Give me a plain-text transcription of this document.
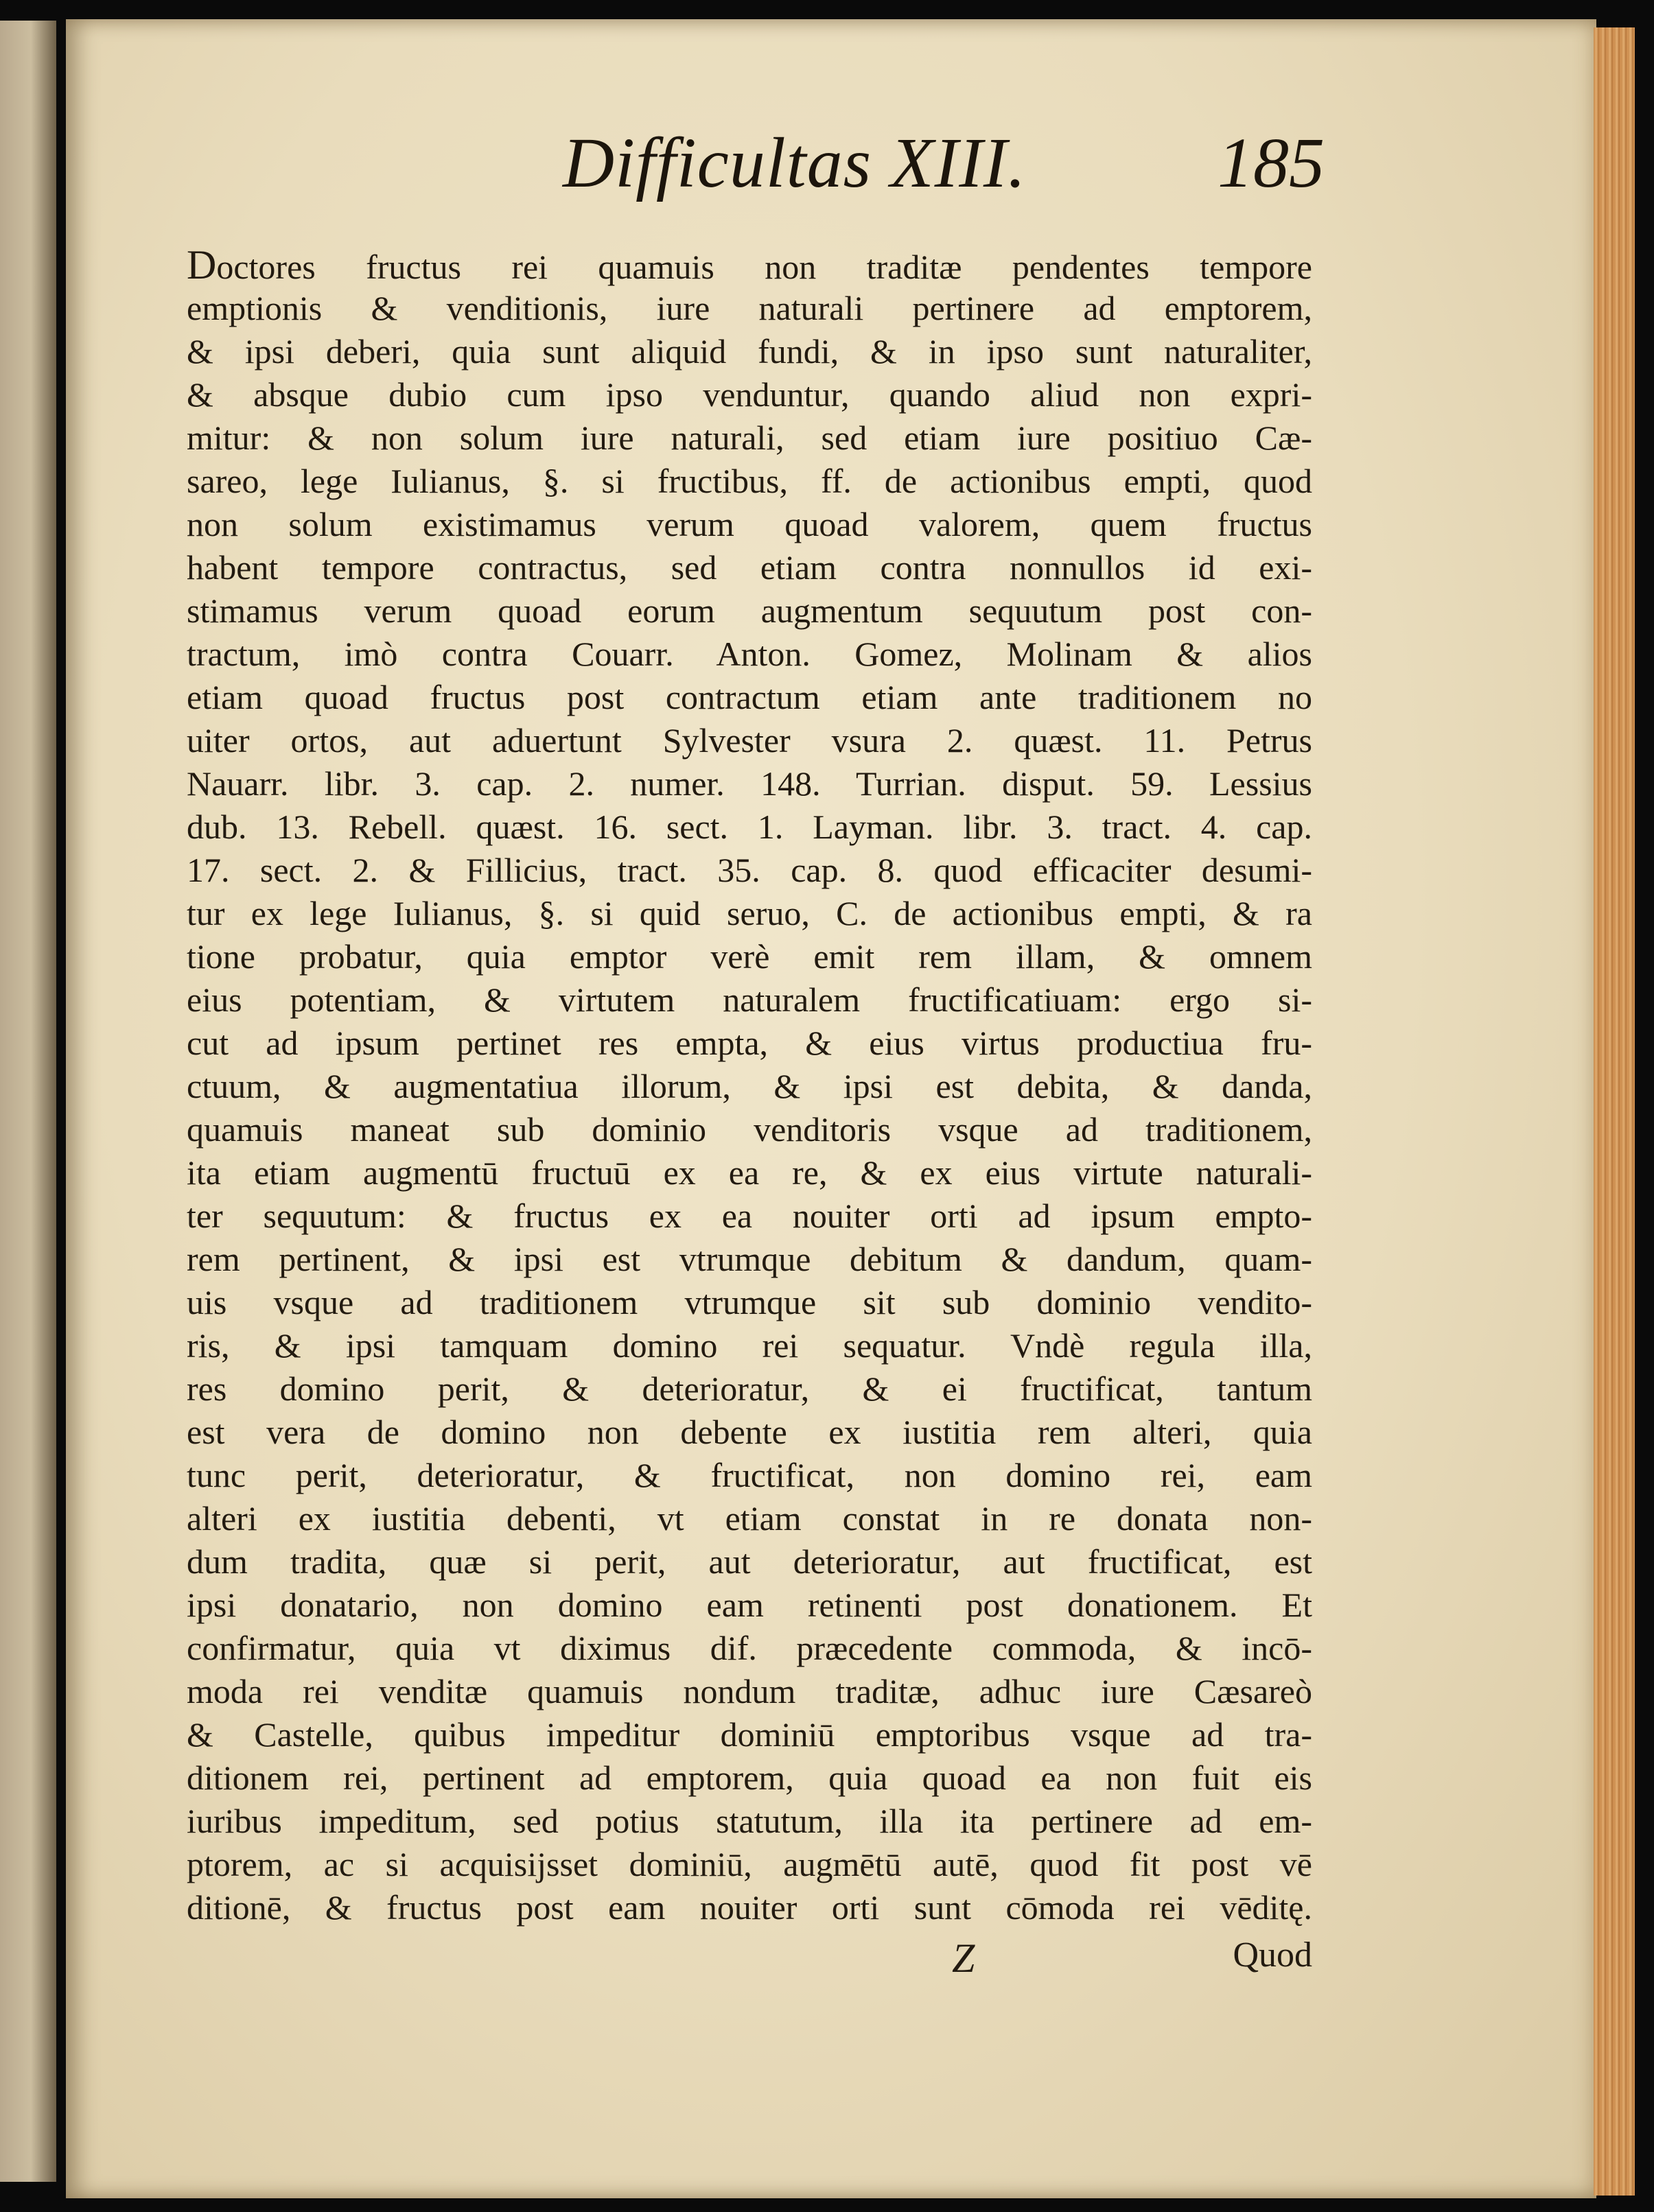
Difficultas XIII.	185
Doctores fructus rei quamuis non traditæ pendentes tempore
emptionis & venditionis, iure naturali pertinere ad emptorem,
& ipsi deberi, quia sunt aliquid fundi, & in ipso sunt naturaliter,
& absque dubio cum ipso venduntur, quando aliud non expri-
mitur: & non solum iure naturali, sed etiam iure positiuo Cæ-
sareo, lege Iulianus, §. si fructibus, ff. de actionibus empti, quod
non solum existimamus verum quoad valorem, quem fructus
habent tempore contractus, sed etiam contra nonnullos id exi-
stimamus verum quoad eorum augmentum sequutum post con-
tractum, imò contra Couarr. Anton. Gomez, Molinam & alios
etiam quoad fructus post contractum etiam ante traditionem no
uiter ortos, aut aduertunt Sylvester vsura 2. quæst. 11. Petrus
Nauarr. libr. 3. cap. 2. numer. 148. Turrian. disput. 59. Lessius
dub. 13. Rebell. quæst. 16. sect. 1. Layman. libr. 3. tract. 4. cap.
17. sect. 2. & Fillicius, tract. 35. cap. 8. quod efficaciter desumi-
tur ex lege Iulianus, §. si quid seruo, C. de actionibus empti, & ra
tione probatur, quia emptor verè emit rem illam, & omnem
eius potentiam, & virtutem naturalem fructificatiuam: ergo si-
cut ad ipsum pertinet res empta, & eius virtus productiua fru-
ctuum, & augmentatiua illorum, & ipsi est debita, & danda,
quamuis maneat sub dominio venditoris vsque ad traditionem,
ita etiam augmentū fructuū ex ea re, & ex eius virtute naturali-
ter sequutum: & fructus ex ea nouiter orti ad ipsum empto-
rem pertinent, & ipsi est vtrumque debitum & dandum, quam-
uis vsque ad traditionem vtrumque sit sub dominio vendito-
ris, & ipsi tamquam domino rei sequatur. Vndè regula illa,
res domino perit, & deterioratur, & ei fructificat, tantum
est vera de domino non debente ex iustitia rem alteri, quia
tunc perit, deterioratur, & fructificat, non domino rei, eam
alteri ex iustitia debenti, vt etiam constat in re donata non-
dum tradita, quæ si perit, aut deterioratur, aut fructificat, est
ipsi donatario, non domino eam retinenti post donationem. Et
confirmatur, quia vt diximus dif. præcedente commoda, & incō-
moda rei venditæ quamuis nondum traditæ, adhuc iure Cæsareò
& Castelle, quibus impeditur dominiū emptoribus vsque ad tra-
ditionem rei, pertinent ad emptorem, quia quoad ea non fuit eis
iuribus impeditum, sed potius statutum, illa ita pertinere ad em-
ptorem, ac si acquisijsset dominiū, augmētū autē, quod fit post vē
ditionē, & fructus post eam nouiter orti sunt cōmoda rei vēditę.
Z	Quod
